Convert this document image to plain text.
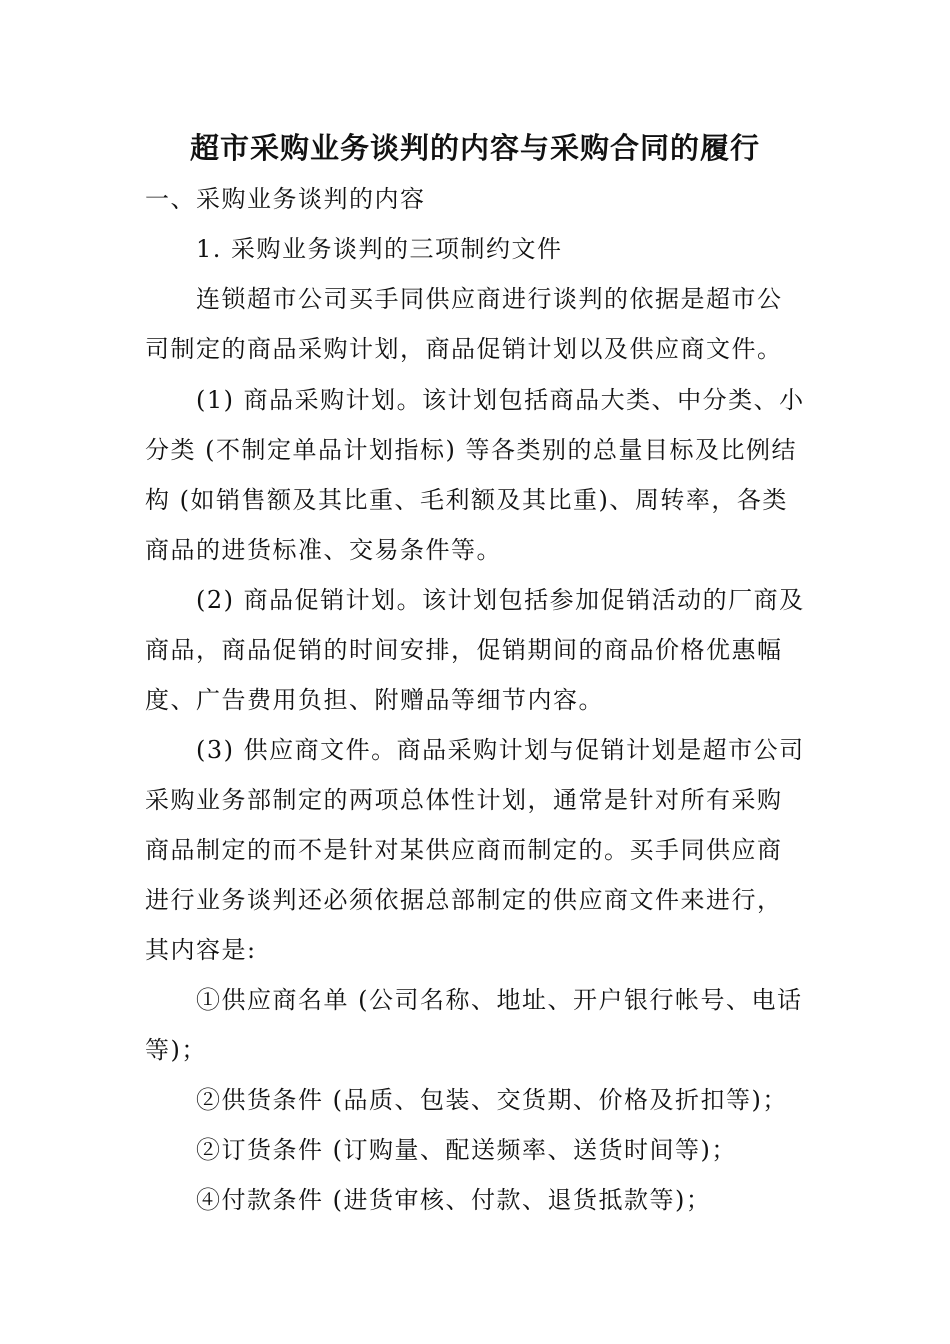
超市采购业务谈判的内容与采购合同的履行
一、采购业务谈判的内容
1. 采购业务谈判的三项制约文件
连锁超市公司买手同供应商进行谈判的依据是超市公
司制定的商品采购计划，商品促销计划以及供应商文件。
(1) 商品采购计划。该计划包括商品大类、中分类、小
分类 (不制定单品计划指标) 等各类别的总量目标及比例结
构 (如销售额及其比重、毛利额及其比重)、周转率，各类
商品的进货标准、交易条件等。
(2) 商品促销计划。该计划包括参加促销活动的厂商及
商品，商品促销的时间安排，促销期间的商品价格优惠幅
度、广告费用负担、附赠品等细节内容。
(3) 供应商文件。商品采购计划与促销计划是超市公司
采购业务部制定的两项总体性计划，通常是针对所有采购
商品制定的而不是针对某供应商而制定的。买手同供应商
进行业务谈判还必须依据总部制定的供应商文件来进行，
其内容是:
①供应商名单 (公司名称、地址、开户银行帐号、电话
等)；
②供货条件 (品质、包装、交货期、价格及折扣等)；
②订货条件 (订购量、配送频率、送货时间等)；
④付款条件 (进货审核、付款、退货抵款等)；
